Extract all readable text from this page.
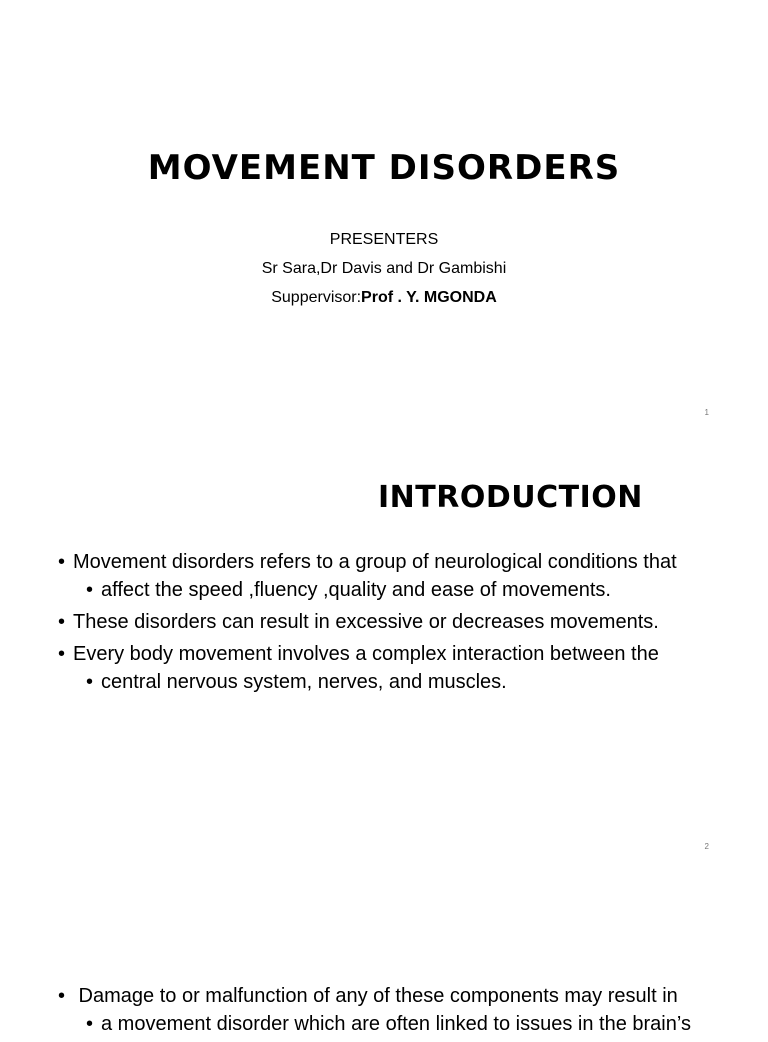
MOVEMENT DISORDERS
PRESENTERS
Sr Sara,Dr Davis and Dr Gambishi
Suppervisor:Prof . Y. MGONDA
1
INTRODUCTION
• Movement disorders refers to a group of neurological conditions that
• affect the speed ,fluency ,quality and ease of movements.
• These disorders can result in excessive or decreases movements.
• Every body movement involves a complex interaction between the
• central nervous system, nerves, and muscles.
2
• Damage to or malfunction of any of these components may result in
• a movement disorder which are often linked to issues in the brain’s
